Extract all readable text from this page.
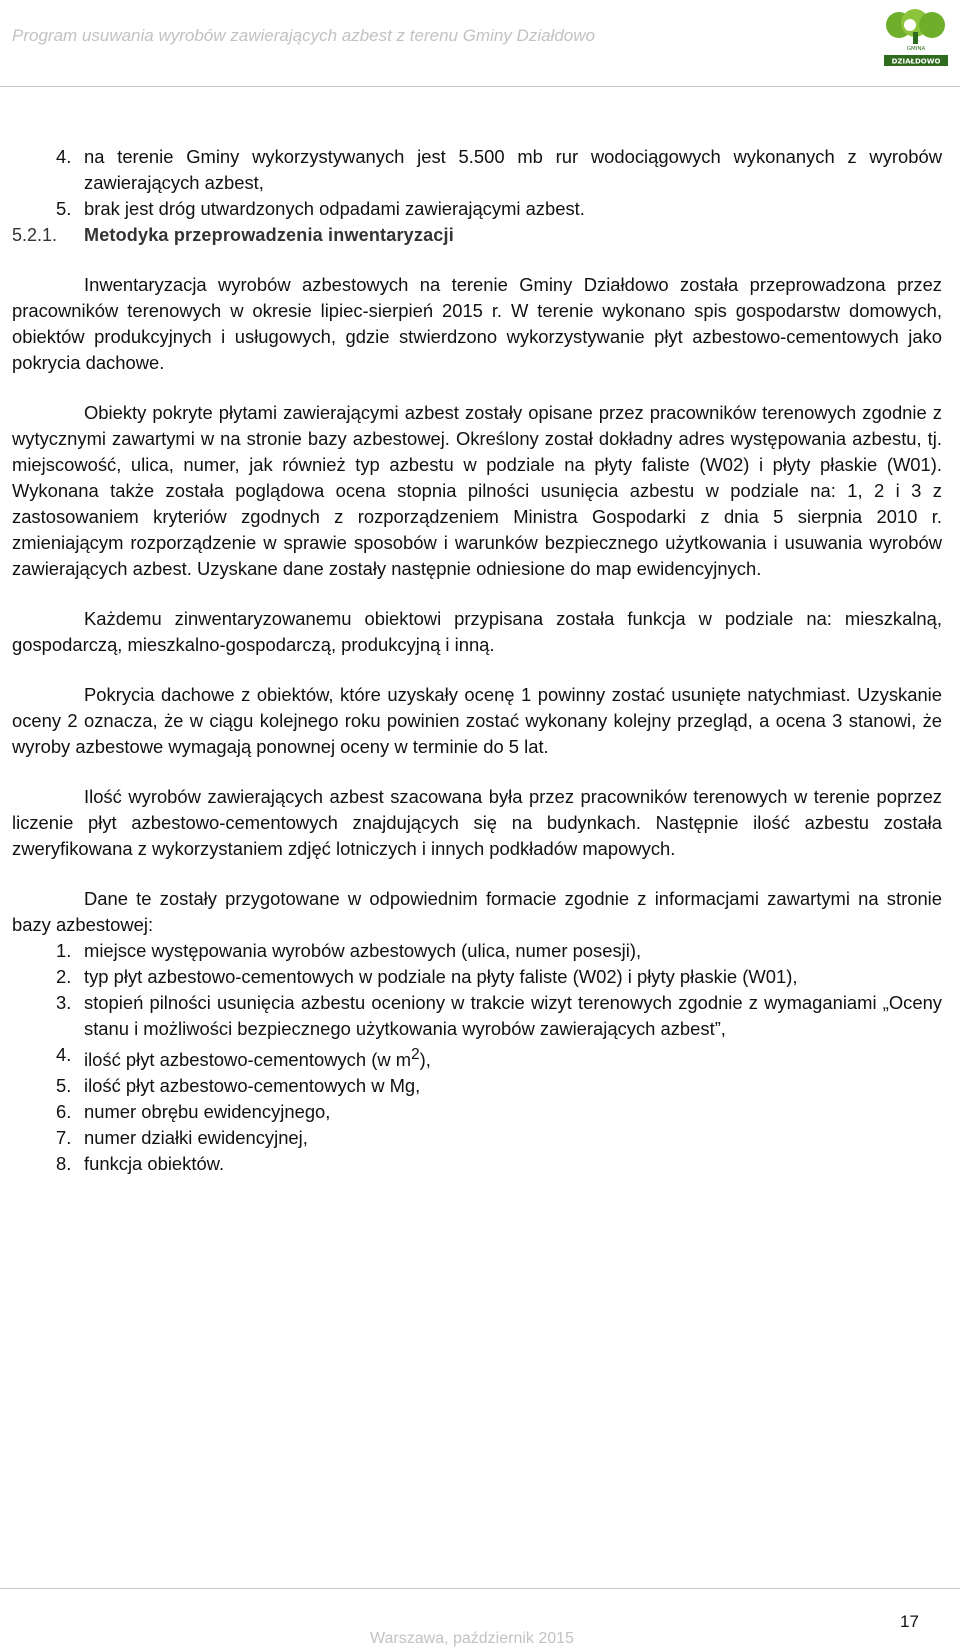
Program usuwania wyrobów zawierających azbest z terenu Gminy Działdowo
GMINA
DZIAŁDOWO
4. na terenie Gminy wykorzystywanych jest 5.500 mb rur wodociągowych wykonanych z wyrobów zawierających azbest,
5. brak jest dróg utwardzonych odpadami zawierającymi azbest.

5.2.1. Metodyka przeprowadzenia inwentaryzacji

Inwentaryzacja wyrobów azbestowych na terenie Gminy Działdowo została przeprowadzona przez pracowników terenowych w okresie lipiec-sierpień 2015 r. W terenie wykonano spis gospodarstw domowych, obiektów produkcyjnych i usługowych, gdzie stwierdzono wykorzystywanie płyt azbestowo-cementowych jako pokrycia dachowe.

Obiekty pokryte płytami zawierającymi azbest zostały opisane przez pracowników terenowych zgodnie z wytycznymi zawartymi w na stronie bazy azbestowej. Określony został dokładny adres występowania azbestu, tj. miejscowość, ulica, numer, jak również typ azbestu w podziale na płyty faliste (W02) i płyty płaskie (W01). Wykonana także została poglądowa ocena stopnia pilności usunięcia azbestu w podziale na: 1, 2 i 3 z zastosowaniem kryteriów zgodnych z rozporządzeniem Ministra Gospodarki z dnia 5 sierpnia 2010 r. zmieniającym rozporządzenie w sprawie sposobów i warunków bezpiecznego użytkowania i usuwania wyrobów zawierających azbest. Uzyskane dane zostały następnie odniesione do map ewidencyjnych.

Każdemu zinwentaryzowanemu obiektowi przypisana została funkcja w podziale na: mieszkalną, gospodarczą, mieszkalno-gospodarczą, produkcyjną i inną.

Pokrycia dachowe z obiektów, które uzyskały ocenę 1 powinny zostać usunięte natychmiast. Uzyskanie oceny 2 oznacza, że w ciągu kolejnego roku powinien zostać wykonany kolejny przegląd, a ocena 3 stanowi, że wyroby azbestowe wymagają ponownej oceny w terminie do 5 lat.

Ilość wyrobów zawierających azbest szacowana była przez pracowników terenowych w terenie poprzez liczenie płyt azbestowo-cementowych znajdujących się na budynkach. Następnie ilość azbestu została zweryfikowana z wykorzystaniem zdjęć lotniczych i innych podkładów mapowych.

Dane te zostały przygotowane w odpowiednim formacie zgodnie z informacjami zawartymi na stronie bazy azbestowej:

1. miejsce występowania wyrobów azbestowych (ulica, numer posesji),
2. typ płyt azbestowo-cementowych w podziale na płyty faliste (W02) i płyty płaskie (W01),
3. stopień pilności usunięcia azbestu oceniony w trakcie wizyt terenowych zgodnie z wymaganiami „Oceny stanu i możliwości bezpiecznego użytkowania wyrobów zawierających azbest”,
4. ilość płyt azbestowo-cementowych (w $m^2$),
5. ilość płyt azbestowo-cementowych w Mg,
6. numer obrębu ewidencyjnego,
7. numer działki ewidencyjnej,
8. funkcja obiektów.
17
Warszawa, październik 2015
